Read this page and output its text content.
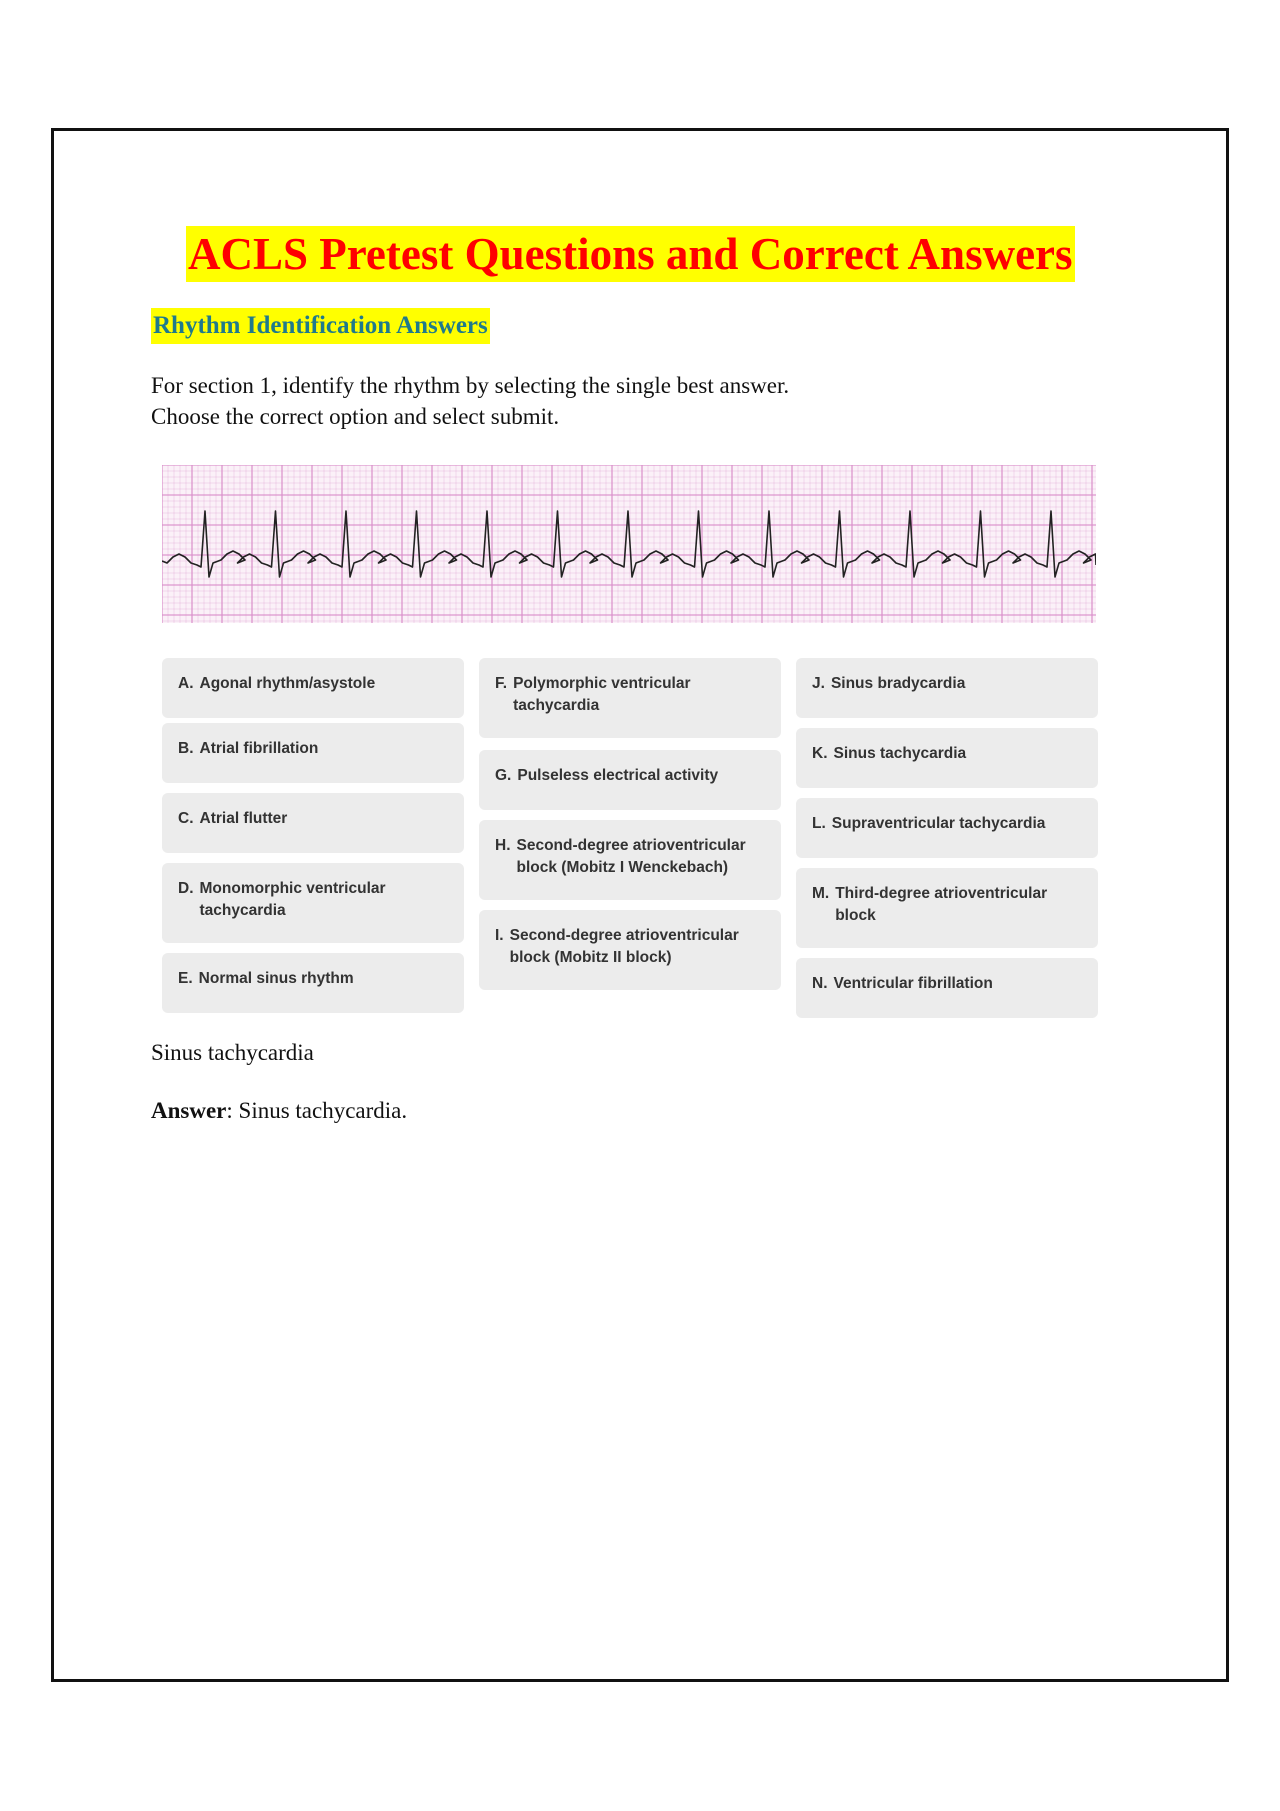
ACLS Pretest Questions and Correct Answers
Rhythm Identification Answers
For section 1, identify the rhythm by selecting the single best answer.
Choose the correct option and select submit.
A. Agonal rhythm/asystole
B. Atrial fibrillation
C. Atrial flutter
D. Monomorphic ventricular tachycardia
E. Normal sinus rhythm
F. Polymorphic ventricular tachycardia
G. Pulseless electrical activity
H. Second-degree atrioventricular block (Mobitz I Wenckebach)
I. Second-degree atrioventricular block (Mobitz II block)
J. Sinus bradycardia
K. Sinus tachycardia
L. Supraventricular tachycardia
M. Third-degree atrioventricular block
N. Ventricular fibrillation
Sinus tachycardia
Answer: Sinus tachycardia.
